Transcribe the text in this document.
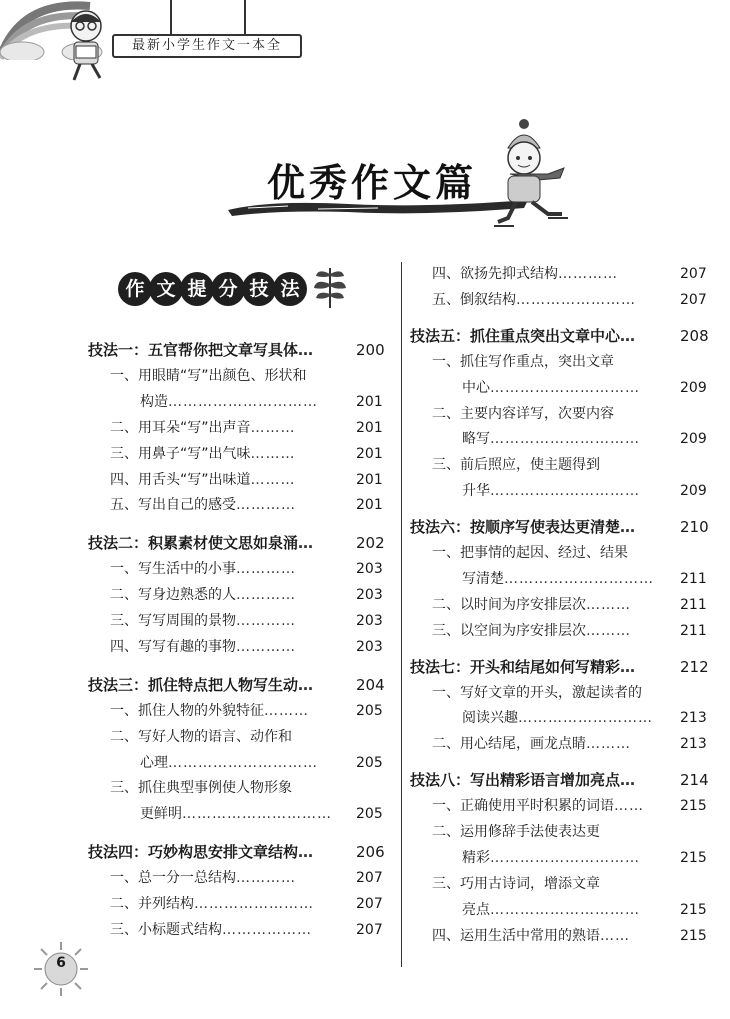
最新小学生作文一本全
优秀作文篇
作 文 提 分 技 法
技法一：五官帮你把文章写具体…	200
一、用眼睛“写”出颜色、形状和
构造…………………………	201
二、用耳朵“写”出声音………	201
三、用鼻子“写”出气味………	201
四、用舌头“写”出味道………	201
五、写出自己的感受…………	201
技法二：积累素材使文思如泉涌…	202
一、写生活中的小事…………	203
二、写身边熟悉的人…………	203
三、写写周围的景物…………	203
四、写写有趣的事物…………	203
技法三：抓住特点把人物写生动…	204
一、抓住人物的外貌特征………	205
二、写好人物的语言、动作和
心理…………………………	205
三、抓住典型事例使人物形象
更鲜明………………………… 205
技法四：巧妙构思安排文章结构…	206
一、总一分一总结构…………	207
二、并列结构……………………	207
三、小标题式结构………………	207
四、欲扬先抑式结构…………	207
五、倒叙结构……………………	207
技法五：抓住重点突出文章中心…	208
一、抓住写作重点，突出文章
中心…………………………	209
二、主要内容详写，次要内容
略写…………………………	209
三、前后照应，使主题得到
升华…………………………	209
技法六：按顺序写使表达更清楚…	210
一、把事情的起因、经过、结果
写清楚………………………… 211
二、以时间为序安排层次………	211
三、以空间为序安排层次………	211
技法七：开头和结尾如何写精彩…	212
一、写好文章的开头，激起读者的
阅读兴趣……………………… 213
二、用心结尾，画龙点睛………	213
技法八：写出精彩语言增加亮点…	214
一、正确使用平时积累的词语……	215
二、运用修辞手法使表达更
精彩…………………………	215
三、巧用古诗词，增添文章
亮点…………………………	215
四、运用生活中常用的熟语……	215
6
